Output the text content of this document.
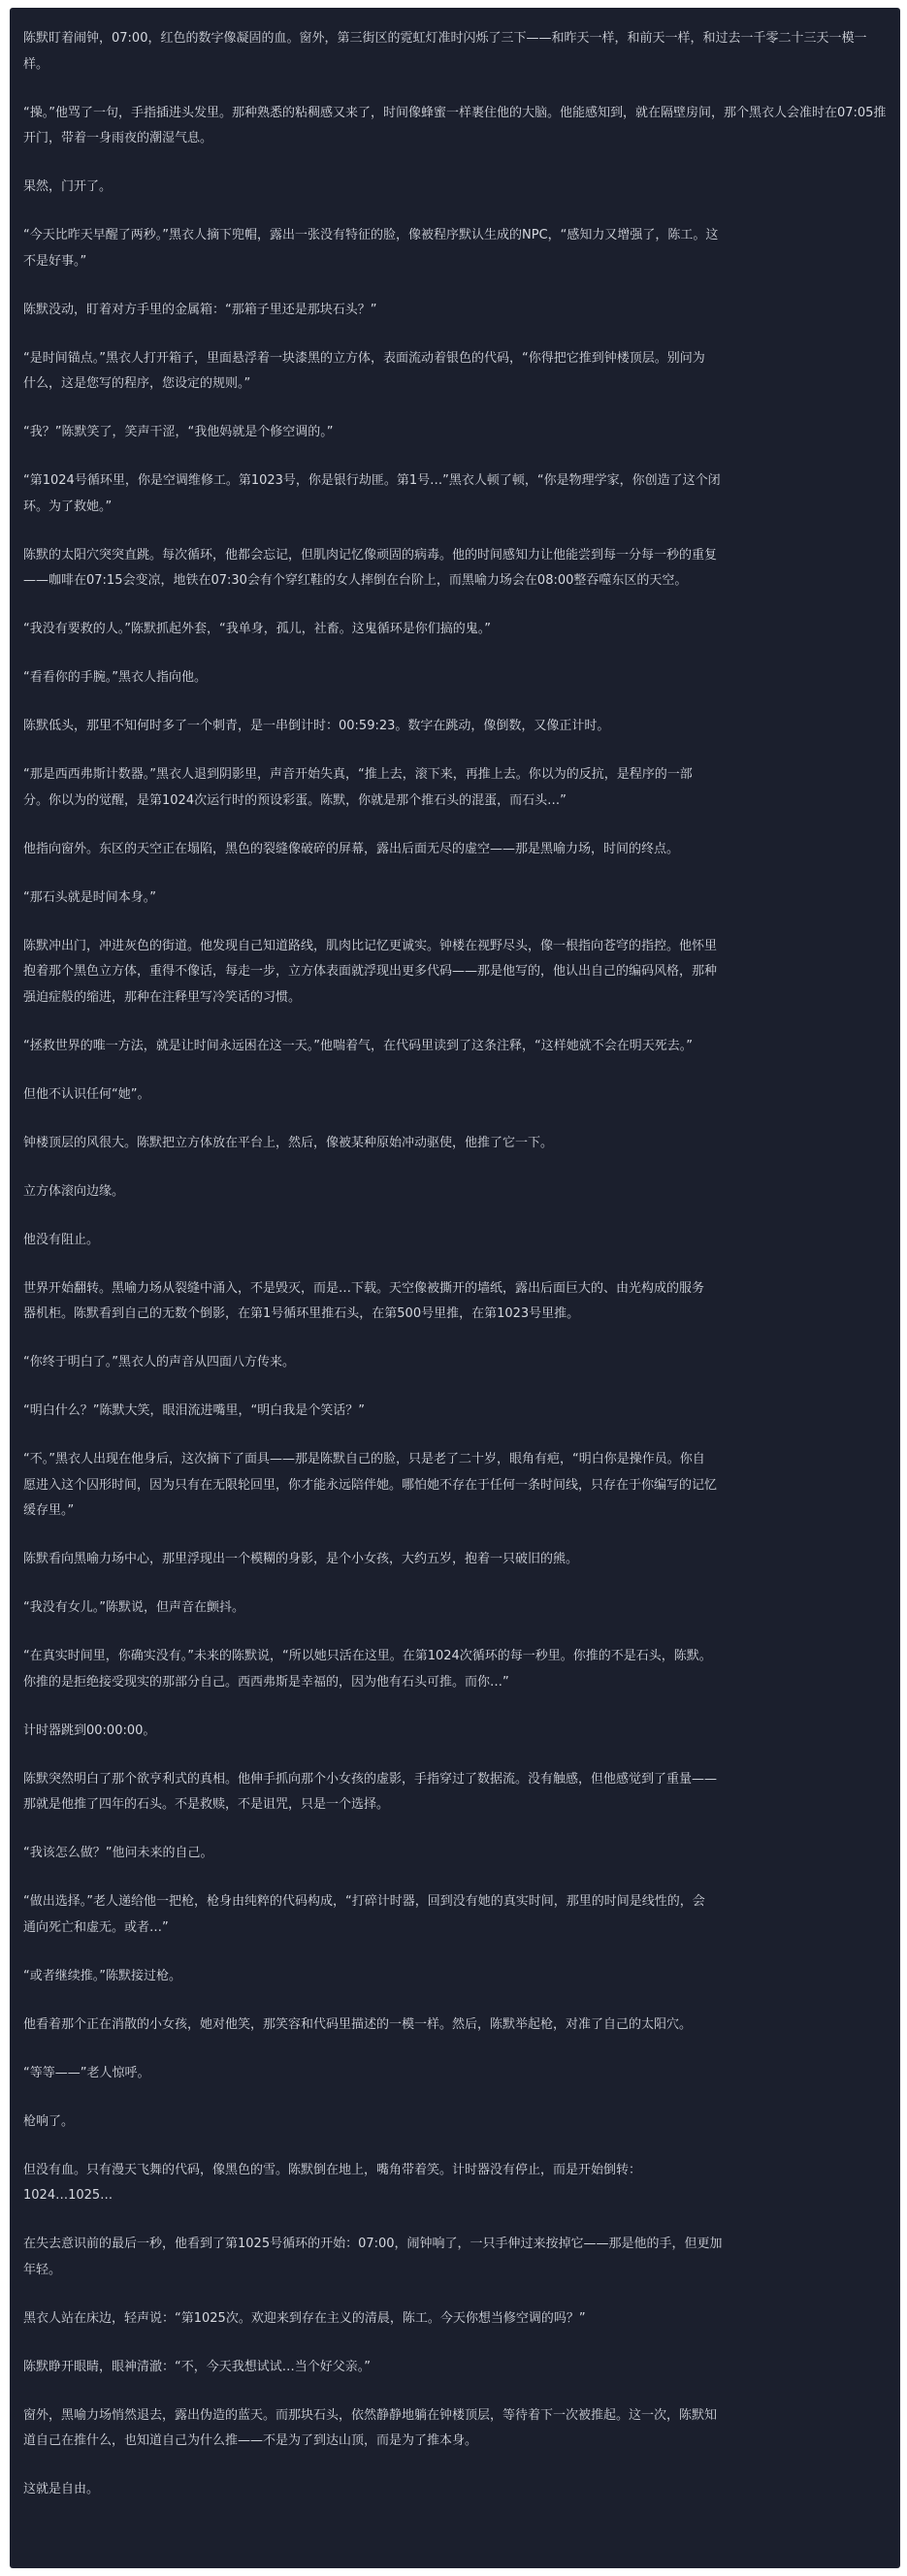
陈默盯着闹钟，07:00，红色的数字像凝固的血。窗外，第三街区的霓虹灯准时闪烁了三下——和昨天一样，和前天一样，和过去一千零二十三天一模一样。

“操。”他骂了一句，手指插进头发里。那种熟悉的粘稠感又来了，时间像蜂蜜一样裹住他的大脑。他能感知到，就在隔壁房间，那个黑衣人会准时在07:05推开门，带着一身雨夜的潮湿气息。

果然，门开了。

“今天比昨天早醒了两秒。”黑衣人摘下兜帽，露出一张没有特征的脸，像被程序默认生成的NPC，“感知力又增强了，陈工。这

不是好事。”

陈默没动，盯着对方手里的金属箱：“那箱子里还是那块石头？”

“是时间锚点。”黑衣人打开箱子，里面悬浮着一块漆黑的立方体，表面流动着银色的代码，“你得把它推到钟楼顶层。别问为

什么，这是您写的程序，您设定的规则。”

“我？”陈默笑了，笑声干涩，“我他妈就是个修空调的。”

“第1024号循环里，你是空调维修工。第1023号，你是银行劫匪。第1号…”黑衣人顿了顿，“你是物理学家，你创造了这个闭

环。为了救她。”

陈默的太阳穴突突直跳。每次循环，他都会忘记，但肌肉记忆像顽固的病毒。他的时间感知力让他能尝到每一分每一秒的重复

——咖啡在07:15会变凉，地铁在07:30会有个穿红鞋的女人摔倒在台阶上，而黑喻力场会在08:00整吞噬东区的天空。

“我没有要救的人。”陈默抓起外套，“我单身，孤儿，社畜。这鬼循环是你们搞的鬼。”

“看看你的手腕。”黑衣人指向他。

陈默低头，那里不知何时多了一个刺青，是一串倒计时：00:59:23。数字在跳动，像倒数，又像正计时。

“那是西西弗斯计数器。”黑衣人退到阴影里，声音开始失真，“推上去，滚下来，再推上去。你以为的反抗，是程序的一部

分。你以为的觉醒，是第1024次运行时的预设彩蛋。陈默，你就是那个推石头的混蛋，而石头…”

他指向窗外。东区的天空正在塌陷，黑色的裂缝像破碎的屏幕，露出后面无尽的虚空——那是黑喻力场，时间的终点。

“那石头就是时间本身。”

陈默冲出门，冲进灰色的街道。他发现自己知道路线，肌肉比记忆更诚实。钟楼在视野尽头，像一根指向苍穹的指控。他怀里

抱着那个黑色立方体，重得不像话，每走一步，立方体表面就浮现出更多代码——那是他写的，他认出自己的编码风格，那种

强迫症般的缩进，那种在注释里写冷笑话的习惯。

“拯救世界的唯一方法，就是让时间永远困在这一天。”他喘着气，在代码里读到了这条注释，“这样她就不会在明天死去。”

但他不认识任何“她”。

钟楼顶层的风很大。陈默把立方体放在平台上，然后，像被某种原始冲动驱使，他推了它一下。

立方体滚向边缘。

他没有阻止。

世界开始翻转。黑喻力场从裂缝中涌入，不是毁灭，而是…下载。天空像被撕开的墙纸，露出后面巨大的、由光构成的服务

器机柜。陈默看到自己的无数个倒影，在第1号循环里推石头，在第500号里推，在第1023号里推。

“你终于明白了。”黑衣人的声音从四面八方传来。

“明白什么？”陈默大笑，眼泪流进嘴里，“明白我是个笑话？”

“不。”黑衣人出现在他身后，这次摘下了面具——那是陈默自己的脸，只是老了二十岁，眼角有疤，“明白你是操作员。你自

愿进入这个囚形时间，因为只有在无限轮回里，你才能永远陪伴她。哪怕她不存在于任何一条时间线，只存在于你编写的记忆

缓存里。”

陈默看向黑喻力场中心，那里浮现出一个模糊的身影，是个小女孩，大约五岁，抱着一只破旧的熊。

“我没有女儿。”陈默说，但声音在颤抖。

“在真实时间里，你确实没有。”未来的陈默说，“所以她只活在这里。在第1024次循环的每一秒里。你推的不是石头，陈默。

你推的是拒绝接受现实的那部分自己。西西弗斯是幸福的，因为他有石头可推。而你…”

计时器跳到00:00:00。

陈默突然明白了那个欲亨利式的真相。他伸手抓向那个小女孩的虚影，手指穿过了数据流。没有触感，但他感觉到了重量——

那就是他推了四年的石头。不是救赎，不是诅咒，只是一个选择。

“我该怎么做？”他问未来的自己。

“做出选择。”老人递给他一把枪，枪身由纯粹的代码构成，“打碎计时器，回到没有她的真实时间，那里的时间是线性的，会

通向死亡和虚无。或者…”

“或者继续推。”陈默接过枪。

他看着那个正在消散的小女孩，她对他笑，那笑容和代码里描述的一模一样。然后，陈默举起枪，对准了自己的太阳穴。

“等等——”老人惊呼。

枪响了。

但没有血。只有漫天飞舞的代码，像黑色的雪。陈默倒在地上，嘴角带着笑。计时器没有停止，而是开始倒转：

1024…1025…

在失去意识前的最后一秒，他看到了第1025号循环的开始：07:00，闹钟响了，一只手伸过来按掉它——那是他的手，但更加

年轻。

黑衣人站在床边，轻声说：“第1025次。欢迎来到存在主义的清晨，陈工。今天你想当修空调的吗？”

陈默睁开眼睛，眼神清澈：“不，今天我想试试…当个好父亲。”

窗外，黑喻力场悄然退去，露出伪造的蓝天。而那块石头，依然静静地躺在钟楼顶层，等待着下一次被推起。这一次，陈默知

道自己在推什么，也知道自己为什么推——不是为了到达山顶，而是为了推本身。

这就是自由。
